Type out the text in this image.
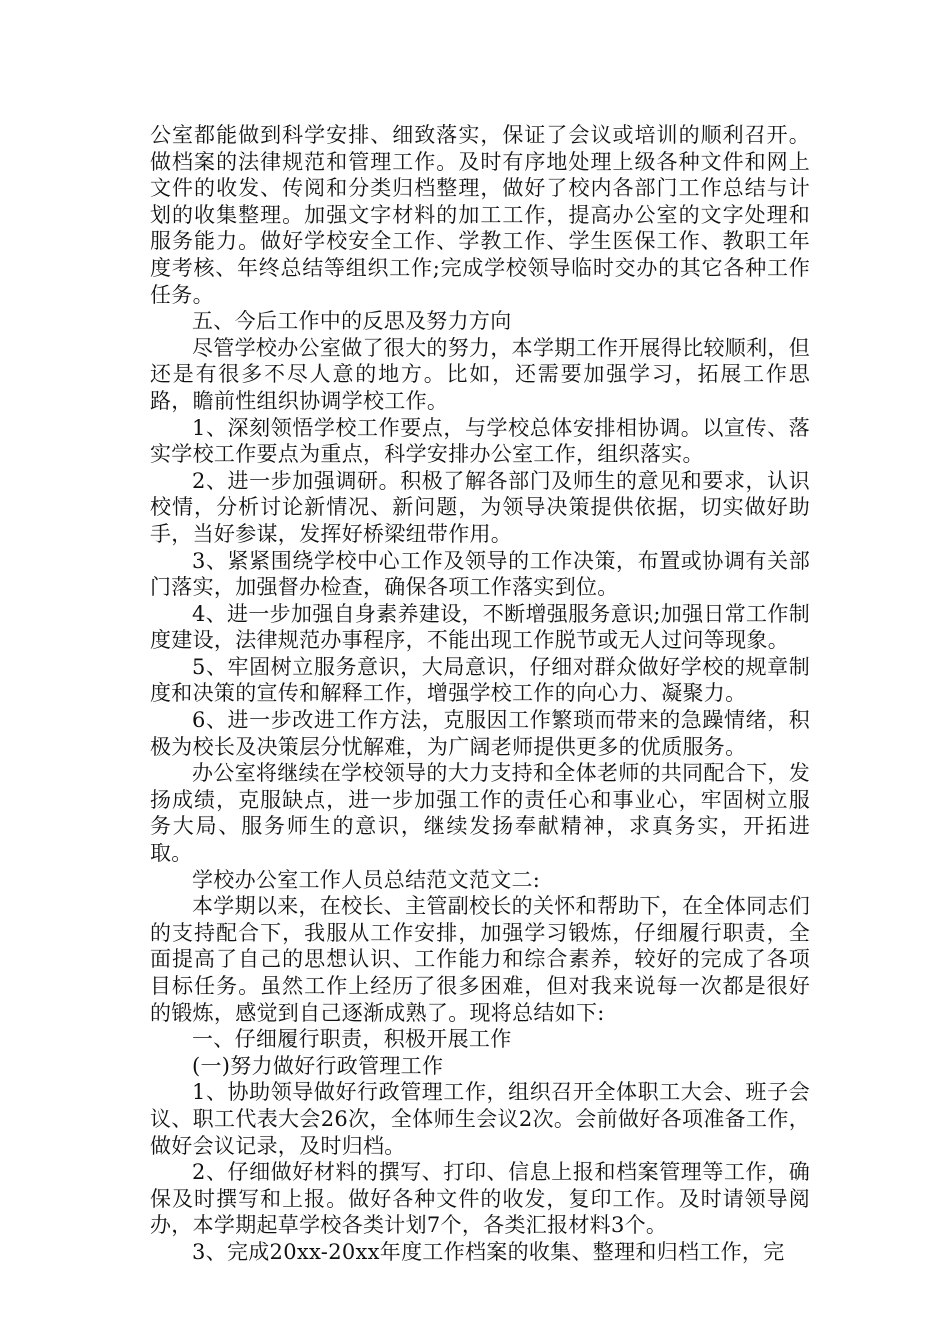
公室都能做到科学安排、细致落实，保证了会议或培训的顺利召开。做档案的法律规范和管理工作。及时有序地处理上级各种文件和网上文件的收发、传阅和分类归档整理，做好了校内各部门工作总结与计划的收集整理。加强文字材料的加工工作，提高办公室的文字处理和服务能力。做好学校安全工作、学教工作、学生医保工作、教职工年度考核、年终总结等组织工作;完成学校领导临时交办的其它各种工作任务。

五、今后工作中的反思及努力方向

尽管学校办公室做了很大的努力，本学期工作开展得比较顺利，但还是有很多不尽人意的地方。比如，还需要加强学习，拓展工作思路，瞻前性组织协调学校工作。

1、深刻领悟学校工作要点，与学校总体安排相协调。以宣传、落实学校工作要点为重点，科学安排办公室工作，组织落实。

2、进一步加强调研。积极了解各部门及师生的意见和要求，认识校情，分析讨论新情况、新问题，为领导决策提供依据，切实做好助手，当好参谋，发挥好桥梁纽带作用。

3、紧紧围绕学校中心工作及领导的工作决策，布置或协调有关部门落实，加强督办检查，确保各项工作落实到位。

4、进一步加强自身素养建设，不断增强服务意识;加强日常工作制度建设，法律规范办事程序，不能出现工作脱节或无人过问等现象。

5、牢固树立服务意识，大局意识，仔细对群众做好学校的规章制度和决策的宣传和解释工作，增强学校工作的向心力、凝聚力。

6、进一步改进工作方法，克服因工作繁琐而带来的急躁情绪，积极为校长及决策层分忧解难，为广阔老师提供更多的优质服务。

办公室将继续在学校领导的大力支持和全体老师的共同配合下，发扬成绩，克服缺点，进一步加强工作的责任心和事业心，牢固树立服务大局、服务师生的意识，继续发扬奉献精神，求真务实，开拓进取。

学校办公室工作人员总结范文范文二:

本学期以来，在校长、主管副校长的关怀和帮助下，在全体同志们的支持配合下，我服从工作安排，加强学习锻炼，仔细履行职责，全面提高了自己的思想认识、工作能力和综合素养，较好的完成了各项目标任务。虽然工作上经历了很多困难，但对我来说每一次都是很好的锻炼，感觉到自己逐渐成熟了。现将总结如下:

一、仔细履行职责，积极开展工作

(一)努力做好行政管理工作

1、协助领导做好行政管理工作，组织召开全体职工大会、班子会议、职工代表大会26次，全体师生会议2次。会前做好各项准备工作，做好会议记录，及时归档。

2、仔细做好材料的撰写、打印、信息上报和档案管理等工作，确保及时撰写和上报。做好各种文件的收发，复印工作。及时请领导阅办，本学期起草学校各类计划7个，各类汇报材料3个。

3、完成20xx-20xx年度工作档案的收集、整理和归档工作，完
